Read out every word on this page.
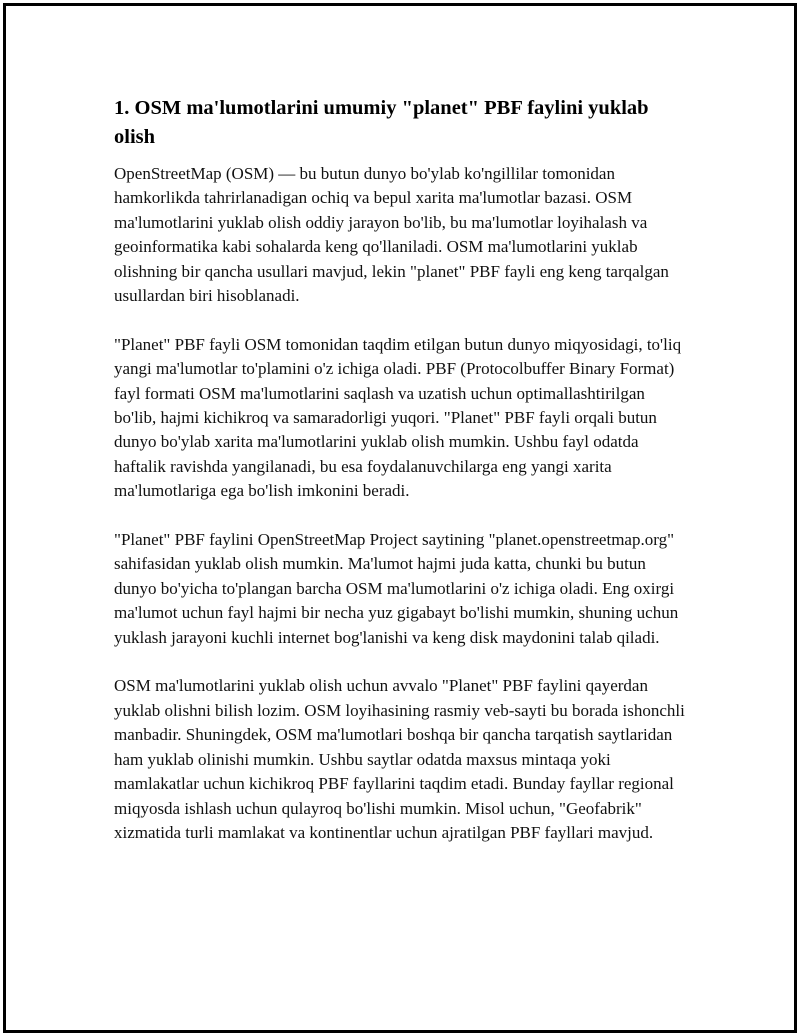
1. OSM ma'lumotlarini umumiy "planet" PBF faylini yuklab olish

OpenStreetMap (OSM) — bu butun dunyo bo'ylab ko'ngillilar tomonidan hamkorlikda tahrirlanadigan ochiq va bepul xarita ma'lumotlar bazasi. OSM ma'lumotlarini yuklab olish oddiy jarayon bo'lib, bu ma'lumotlar loyihalash va geoinformatika kabi sohalarda keng qo'llaniladi. OSM ma'lumotlarini yuklab olishning bir qancha usullari mavjud, lekin "planet" PBF fayli eng keng tarqalgan usullardan biri hisoblanadi.

"Planet" PBF fayli OSM tomonidan taqdim etilgan butun dunyo miqyosidagi, to'liq yangi ma'lumotlar to'plamini o'z ichiga oladi. PBF (Protocolbuffer Binary Format) fayl formati OSM ma'lumotlarini saqlash va uzatish uchun optimallashtirilgan bo'lib, hajmi kichikroq va samaradorligi yuqori. "Planet" PBF fayli orqali butun dunyo bo'ylab xarita ma'lumotlarini yuklab olish mumkin. Ushbu fayl odatda haftalik ravishda yangilanadi, bu esa foydalanuvchilarga eng yangi xarita ma'lumotlariga ega bo'lish imkonini beradi.

"Planet" PBF faylini OpenStreetMap Project saytining "planet.openstreetmap.org" sahifasidan yuklab olish mumkin. Ma'lumot hajmi juda katta, chunki bu butun dunyo bo'yicha to'plangan barcha OSM ma'lumotlarini o'z ichiga oladi. Eng oxirgi ma'lumot uchun fayl hajmi bir necha yuz gigabayt bo'lishi mumkin, shuning uchun yuklash jarayoni kuchli internet bog'lanishi va keng disk maydonini talab qiladi.

OSM ma'lumotlarini yuklab olish uchun avvalo "Planet" PBF faylini qayerdan yuklab olishni bilish lozim. OSM loyihasining rasmiy veb-sayti bu borada ishonchli manbadir. Shuningdek, OSM ma'lumotlari boshqa bir qancha tarqatish saytlaridan ham yuklab olinishi mumkin. Ushbu saytlar odatda maxsus mintaqa yoki mamlakatlar uchun kichikroq PBF fayllarini taqdim etadi. Bunday fayllar regional miqyosda ishlash uchun qulayroq bo'lishi mumkin. Misol uchun, "Geofabrik" xizmatida turli mamlakat va kontinentlar uchun ajratilgan PBF fayllari mavjud.
